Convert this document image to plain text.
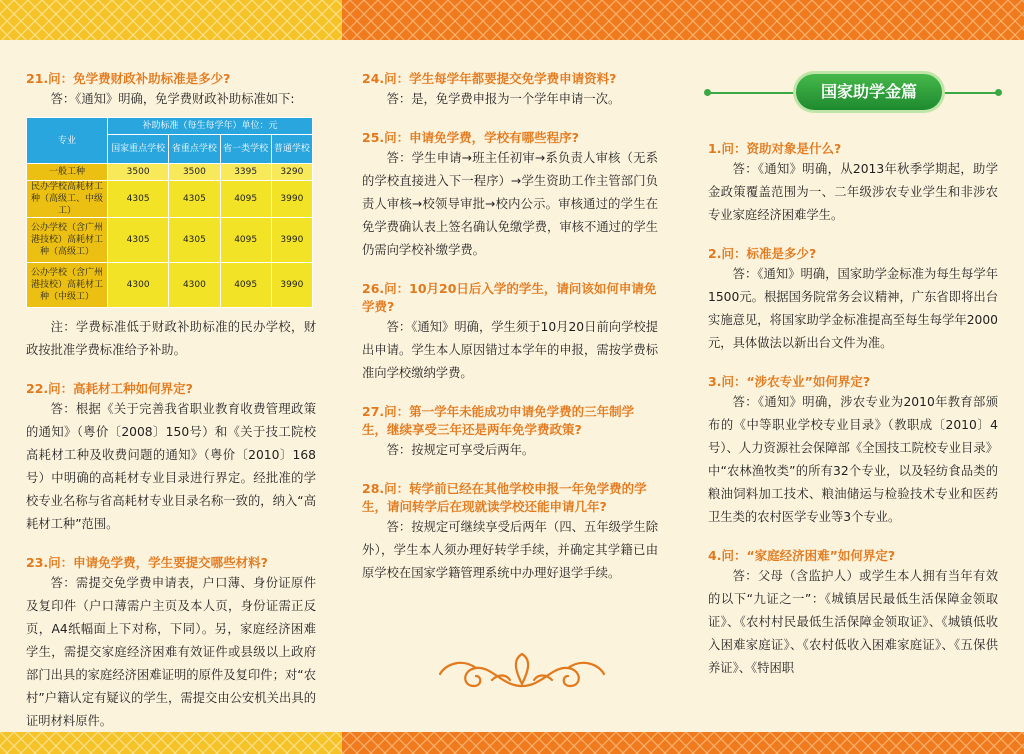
21.问：免学费财政补助标准是多少?

答：《通知》明确，免学费财政补助标准如下:

专业	补助标准（每生每学年）单位：元			
	国家重点学校	省重点学校	省一类学校	普通学校
一般工种	3500	3500	3395	3290
民办学校高耗材工种（高级工、中级工）	4305	4305	4095	3990
公办学校（含广州港技校）高耗材工种（高级工）	4305	4305	4095	3990
公办学校（含广州港技校）高耗材工种（中级工）	4300	4300	4095	3990

注：学费标准低于财政补助标准的民办学校，财政按批准学费标准给予补助。

22.问：高耗材工种如何界定?

答：根据《关于完善我省职业教育收费管理政策的通知》（粤价〔2008〕150号）和《关于技工院校高耗材工种及收费问题的通知》（粤价〔2010〕168号）中明确的高耗材专业目录进行界定。经批准的学校专业名称与省高耗材专业目录名称一致的，纳入“高耗材工种”范围。

23.问：申请免学费，学生要提交哪些材料?

答：需提交免学费申请表，户口薄、身份证原件及复印件（户口薄需户主页及本人页，身份证需正反页，A4纸幅面上下对称，下同）。另，家庭经济困难学生，需提交家庭经济困难有效证件或县级以上政府部门出具的家庭经济困难证明的原件及复印件；对“农村”户籍认定有疑议的学生，需提交由公安机关出具的证明材料原件。

24.问：学生每学年都要提交免学费申请资料?

答：是，免学费申报为一个学年申请一次。

25.问：申请免学费，学校有哪些程序?

答：学生申请→班主任初审→系负责人审核（无系的学校直接进入下一程序）→学生资助工作主管部门负责人审核→校领导审批→校内公示。审核通过的学生在免学费确认表上签名确认免缴学费，审核不通过的学生仍需向学校补缴学费。

26.问：10月20日后入学的学生，请问该如何申请免学费?

答：《通知》明确，学生须于10月20日前向学校提出申请。学生本人原因错过本学年的申报，需按学费标准向学校缴纳学费。

27.问：第一学年未能成功申请免学费的三年制学生，继续享受三年还是两年免学费政策?

答：按规定可享受后两年。

28.问：转学前已经在其他学校申报一年免学费的学生，请问转学后在现就读学校还能申请几年?

答：按规定可继续享受后两年（四、五年级学生除外），学生本人须办理好转学手续，并确定其学籍已由原学校在国家学籍管理系统中办理好退学手续。

国家助学金篇

1.问：资助对象是什么?

答：《通知》明确，从2013年秋季学期起，助学金政策覆盖范围为一、二年级涉农专业学生和非涉农专业家庭经济困难学生。

2.问：标准是多少?

答：《通知》明确，国家助学金标准为每生每学年1500元。根据国务院常务会议精神，广东省即将出台实施意见，将国家助学金标准提高至每生每学年2000元，具体做法以新出台文件为准。

3.问：“涉农专业”如何界定?

答：《通知》明确，涉农专业为2010年教育部颁布的《中等职业学校专业目录》（教职成〔2010〕4号）、人力资源社会保障部《全国技工院校专业目录》中“农林渔牧类”的所有32个专业，以及轻纺食品类的粮油饲料加工技术、粮油储运与检验技术专业和医药卫生类的农村医学专业等3个专业。

4.问：“家庭经济困难”如何界定?

答：父母（含监护人）或学生本人拥有当年有效的以下“九证之一”：《城镇居民最低生活保障金领取证》、《农村村民最低生活保障金领取证》、《城镇低收入困难家庭证》、《农村低收入困难家庭证》、《五保供养证》、《特困职
